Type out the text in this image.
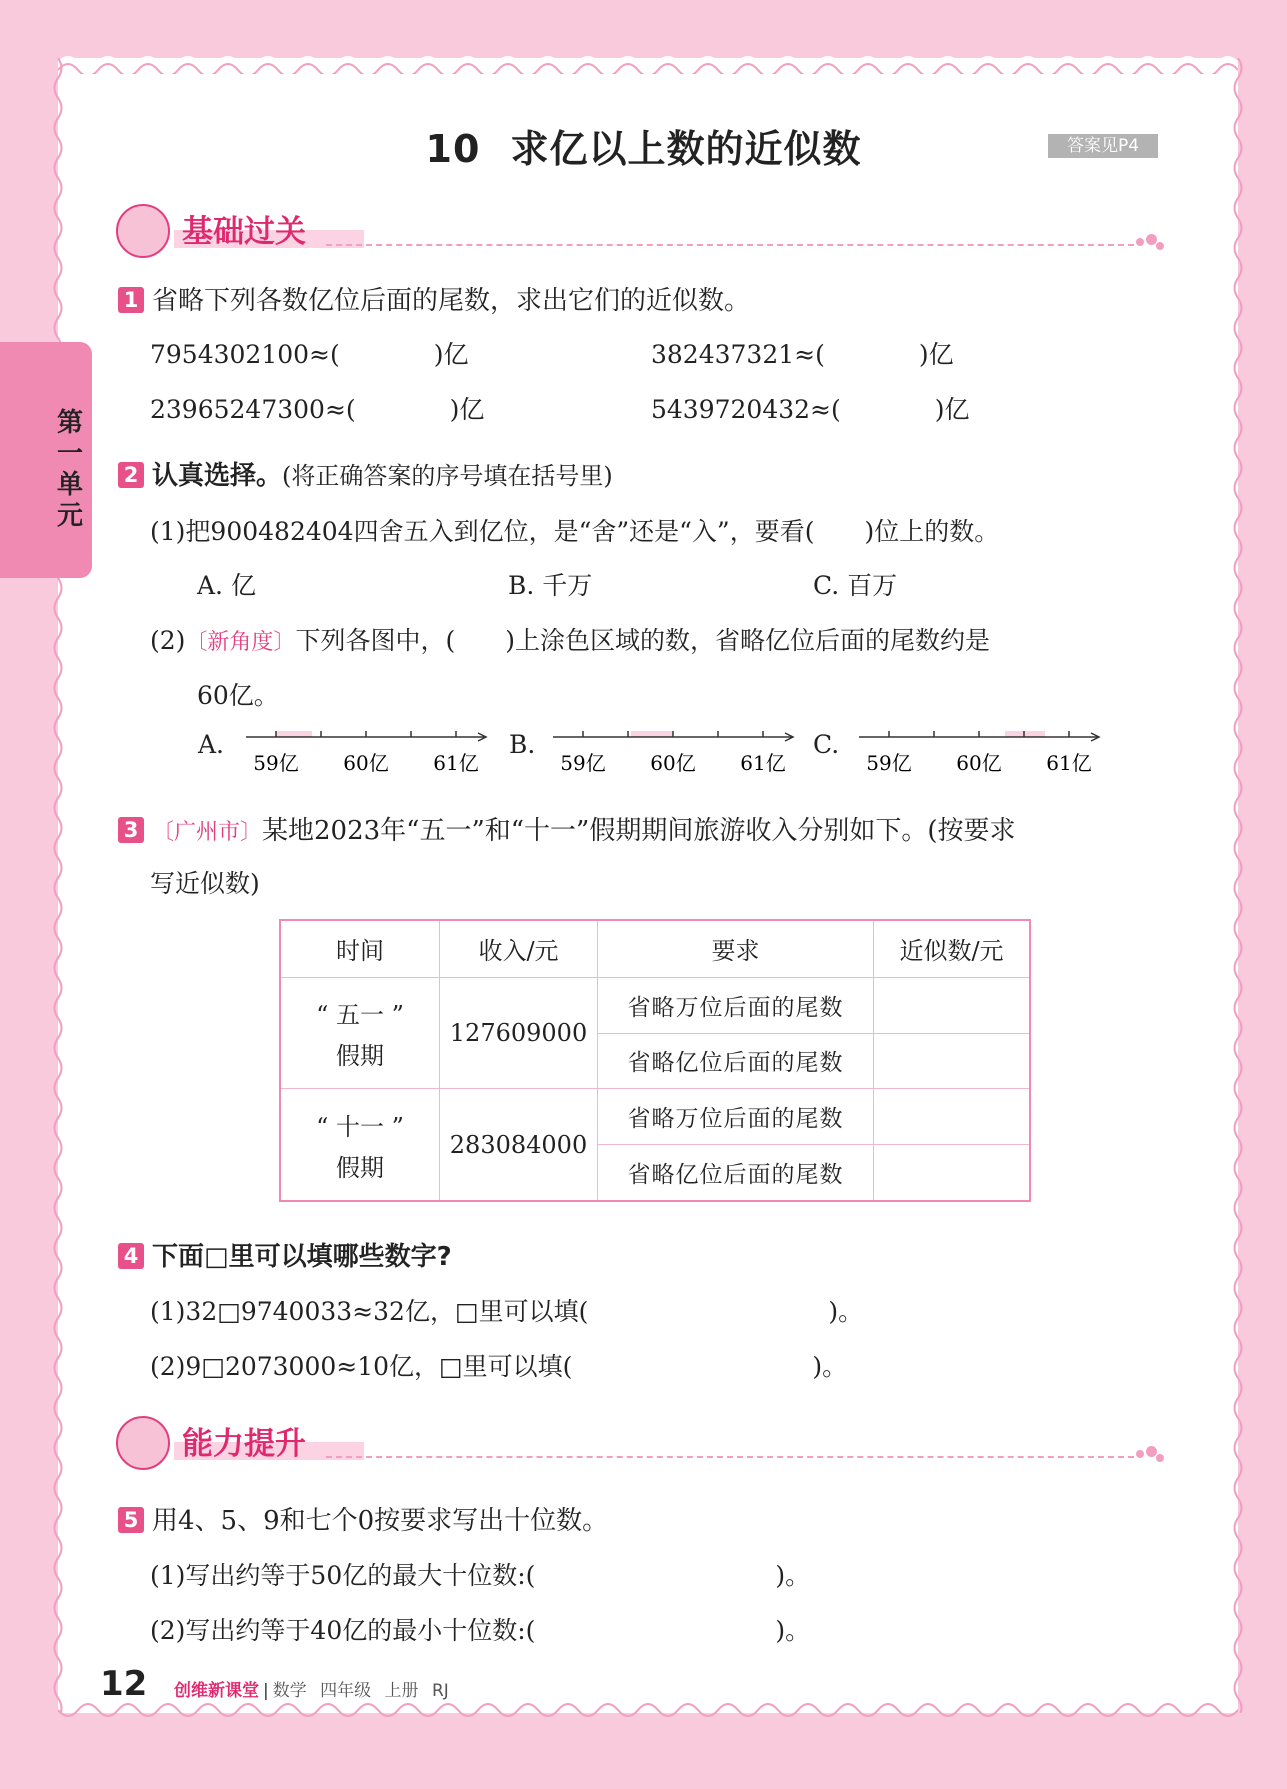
第一单元
10 求亿以上数的近似数	答案见P4
基础过关
1 省略下列各数亿位后面的尾数，求出它们的近似数。
7954302100≈(	)亿	382437321≈(	)亿
23965247300≈(	)亿	5439720432≈(	)亿
2 认真选择。(将正确答案的序号填在括号里)
(1)把900482404四舍五入到亿位，是“舍”还是“入”，要看(　　)位上的数。
A. 亿	B. 千万	C. 百万
(2)〔新角度〕下列各图中，(　　)上涂色区域的数，省略亿位后面的尾数约是
60亿。
A.
59亿 60亿 61亿
B.
59亿 60亿 61亿
C.
59亿 60亿 61亿
3 〔广州市〕某地2023年“五一”和“十一”假期期间旅游收入分别如下。(按要求
写近似数)
时间	收入/元	要求	近似数/元

“ 五一 ”
假期	127609000	省略万位后面的尾数	
		省略亿位后面的尾数	

“ 十一 ”
假期	283084000	省略万位后面的尾数	
		省略亿位后面的尾数	
4 下面□里可以填哪些数字?
(1)32□9740033≈32亿，□里可以填(	)。
(2)9□2073000≈10亿，□里可以填(	)。
能力提升
5 用4、5、9和七个0按要求写出十位数。
(1)写出约等于50亿的最大十位数:(	)。
(2)写出约等于40亿的最小十位数:(	)。
12 创维新课堂 | 数学 四年级 上册 RJ
